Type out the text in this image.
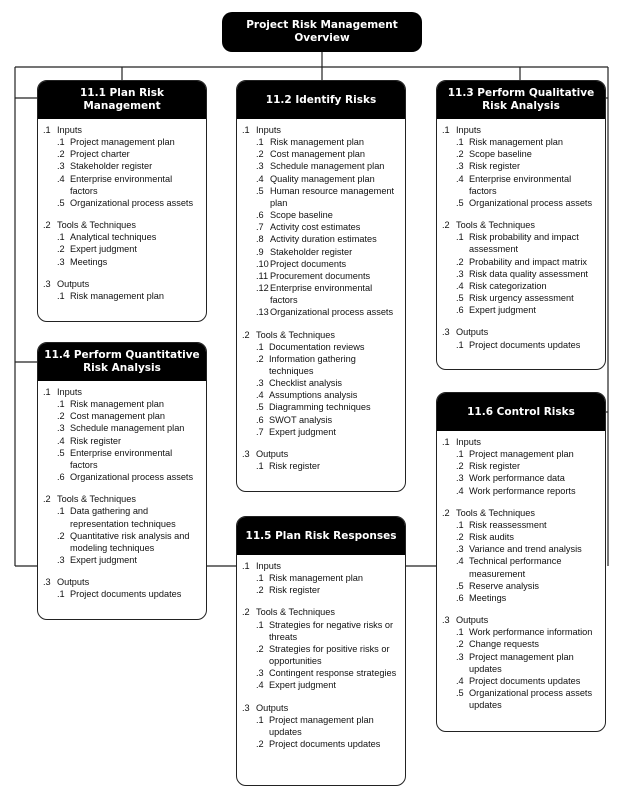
Project Risk Management Overview
11.1 Plan Risk Management
.1 Inputs
.1 Project management plan
.2 Project charter
.3 Stakeholder register
.4 Enterprise environmental factors
.5 Organizational process assets
.2 Tools & Techniques
.1 Analytical techniques
.2 Expert judgment
.3 Meetings
.3 Outputs
.1 Risk management plan
11.2 Identify Risks
.1 Inputs
.1 Risk management plan
.2 Cost management plan
.3 Schedule management plan
.4 Quality management plan
.5 Human resource management plan
.6 Scope baseline
.7 Activity cost estimates
.8 Activity duration estimates
.9 Stakeholder register
.10 Project documents
.11 Procurement documents
.12 Enterprise environmental factors
.13 Organizational process assets
.2 Tools & Techniques
.1 Documentation reviews
.2 Information gathering techniques
.3 Checklist analysis
.4 Assumptions analysis
.5 Diagramming techniques
.6 SWOT analysis
.7 Expert judgment
.3 Outputs
.1 Risk register
11.3 Perform Qualitative Risk Analysis
.1 Inputs
.1 Risk management plan
.2 Scope baseline
.3 Risk register
.4 Enterprise environmental factors
.5 Organizational process assets
.2 Tools & Techniques
.1 Risk probability and impact assessment
.2 Probability and impact matrix
.3 Risk data quality assessment
.4 Risk categorization
.5 Risk urgency assessment
.6 Expert judgment
.3 Outputs
.1 Project documents updates
11.4 Perform Quantitative Risk Analysis
.1 Inputs
.1 Risk management plan
.2 Cost management plan
.3 Schedule management plan
.4 Risk register
.5 Enterprise environmental factors
.6 Organizational process assets
.2 Tools & Techniques
.1 Data gathering and representation techniques
.2 Quantitative risk analysis and modeling techniques
.3 Expert judgment
.3 Outputs
.1 Project documents updates
11.5 Plan Risk Responses
.1 Inputs
.1 Risk management plan
.2 Risk register
.2 Tools & Techniques
.1 Strategies for negative risks or threats
.2 Strategies for positive risks or opportunities
.3 Contingent response strategies
.4 Expert judgment
.3 Outputs
.1 Project management plan updates
.2 Project documents updates
11.6 Control Risks
.1 Inputs
.1 Project management plan
.2 Risk register
.3 Work performance data
.4 Work performance reports
.2 Tools & Techniques
.1 Risk reassessment
.2 Risk audits
.3 Variance and trend analysis
.4 Technical performance measurement
.5 Reserve analysis
.6 Meetings
.3 Outputs
.1 Work performance information
.2 Change requests
.3 Project management plan updates
.4 Project documents updates
.5 Organizational process assets updates
